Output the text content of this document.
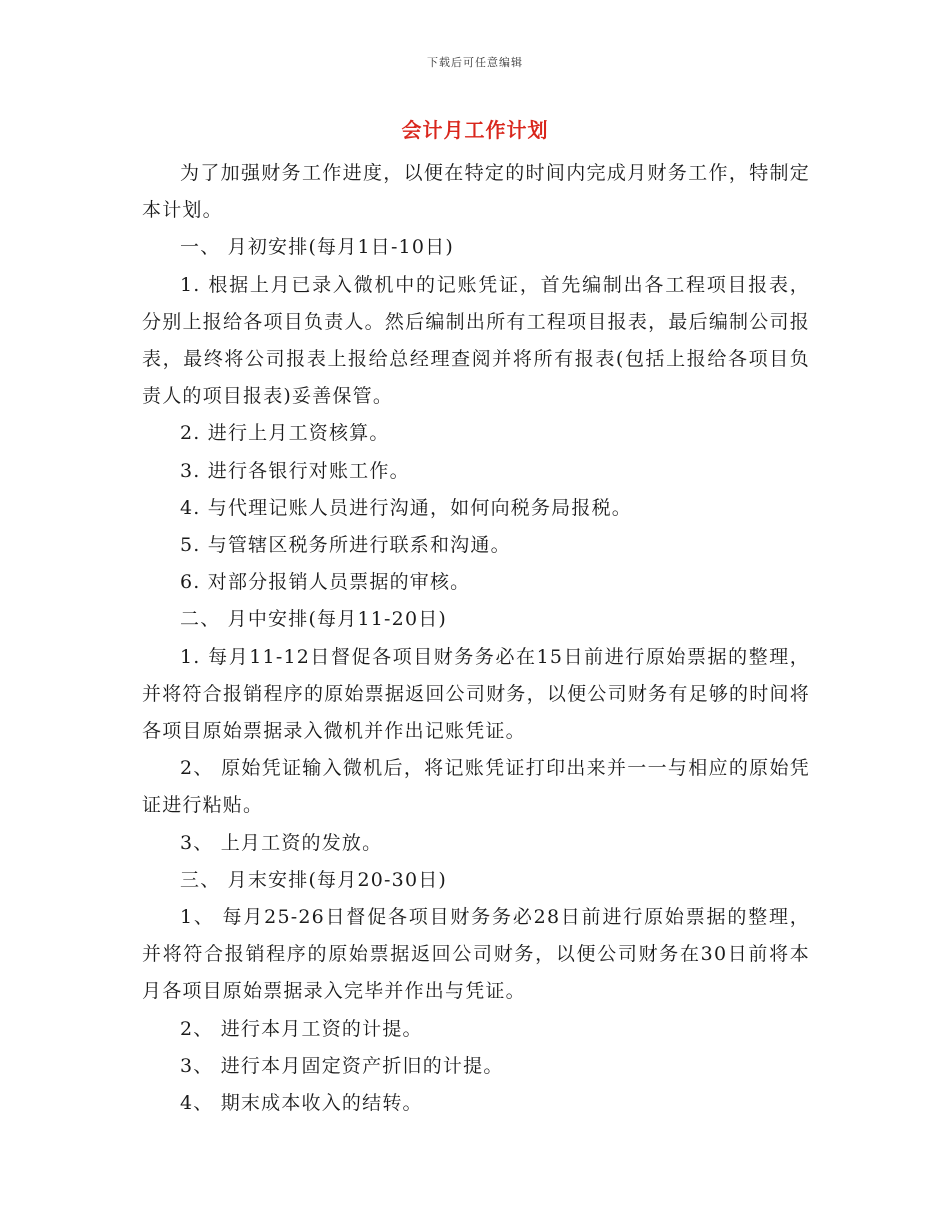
下载后可任意编辑
会计月工作计划

为了加强财务工作进度，以便在特定的时间内完成月财务工作，特制定本计划。

一、 月初安排(每月1日-10日)

1. 根据上月已录入微机中的记账凭证，首先编制出各工程项目报表，分别上报给各项目负责人。然后编制出所有工程项目报表，最后编制公司报表，最终将公司报表上报给总经理查阅并将所有报表(包括上报给各项目负责人的项目报表)妥善保管。

2. 进行上月工资核算。

3. 进行各银行对账工作。

4. 与代理记账人员进行沟通，如何向税务局报税。

5. 与管辖区税务所进行联系和沟通。

6. 对部分报销人员票据的审核。

二、 月中安排(每月11-20日)

1. 每月11-12日督促各项目财务务必在15日前进行原始票据的整理，并将符合报销程序的原始票据返回公司财务，以便公司财务有足够的时间将各项目原始票据录入微机并作出记账凭证。

2、 原始凭证输入微机后，将记账凭证打印出来并一一与相应的原始凭证进行粘贴。

3、 上月工资的发放。

三、 月末安排(每月20-30日)

1、 每月25-26日督促各项目财务务必28日前进行原始票据的整理，并将符合报销程序的原始票据返回公司财务，以便公司财务在30日前将本月各项目原始票据录入完毕并作出与凭证。

2、 进行本月工资的计提。

3、 进行本月固定资产折旧的计提。

4、 期末成本收入的结转。
